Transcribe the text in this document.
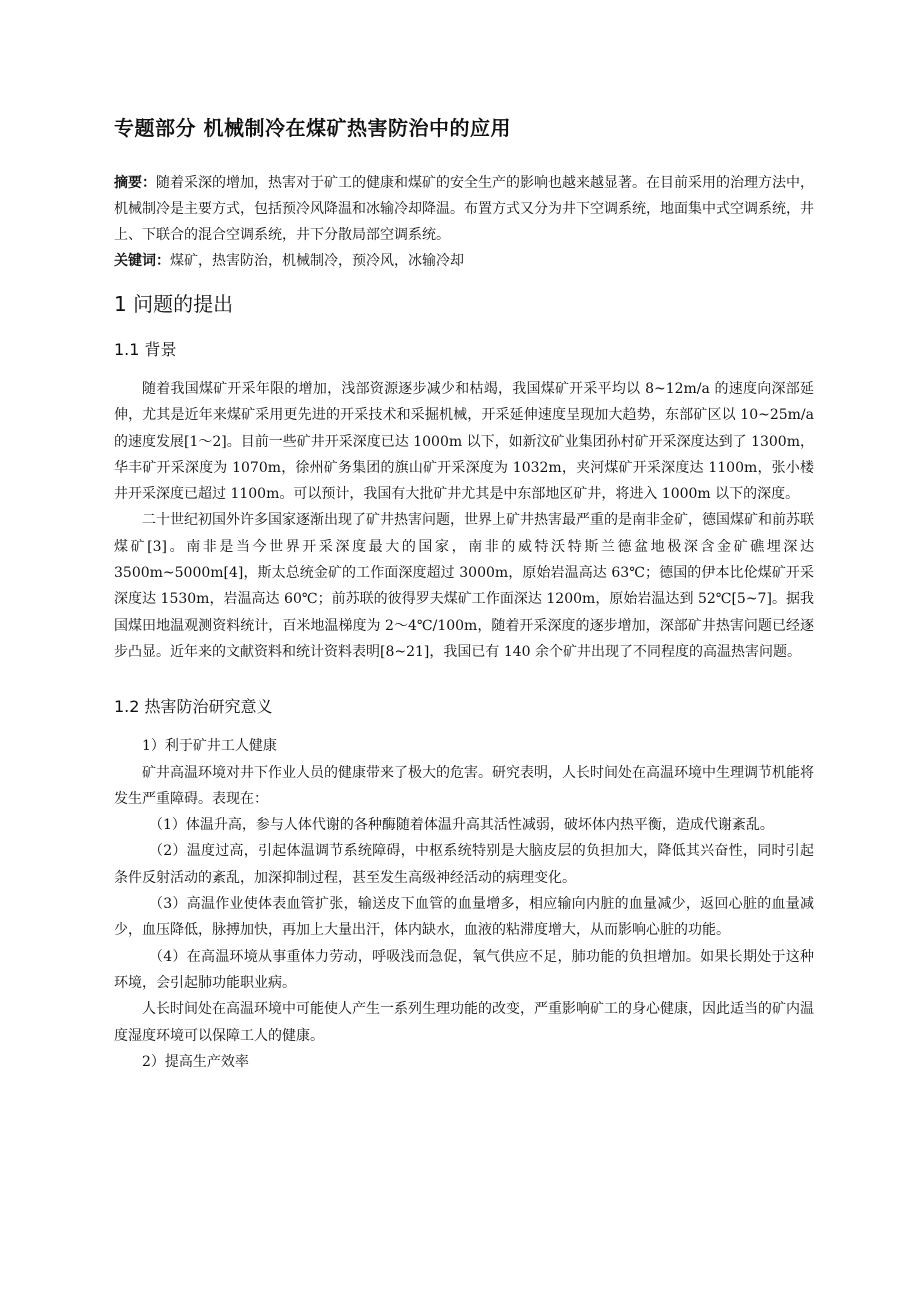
专题部分 机械制冷在煤矿热害防治中的应用

摘要：随着采深的增加，热害对于矿工的健康和煤矿的安全生产的影响也越来越显著。在目前采用的治理方法中，机械制冷是主要方式，包括预冷风降温和冰输冷却降温。布置方式又分为井下空调系统，地面集中式空调系统，井上、下联合的混合空调系统，井下分散局部空调系统。

关键词：煤矿，热害防治，机械制冷，预冷风，冰输冷却
1 问题的提出
1.1 背景

随着我国煤矿开采年限的增加，浅部资源逐步减少和枯竭，我国煤矿开采平均以 8~12m/a 的速度向深部延伸，尤其是近年来煤矿采用更先进的开采技术和采掘机械，开采延伸速度呈现加大趋势，东部矿区以 10~25m/a 的速度发展[1～2]。目前一些矿井开采深度已达 1000m 以下，如新汶矿业集团孙村矿开采深度达到了 1300m，华丰矿开采深度为 1070m，徐州矿务集团的旗山矿开采深度为 1032m，夹河煤矿开采深度达 1100m，张小楼井开采深度已超过 1100m。可以预计，我国有大批矿井尤其是中东部地区矿井，将进入 1000m 以下的深度。

二十世纪初国外许多国家逐渐出现了矿井热害问题，世界上矿井热害最严重的是南非金矿，德国煤矿和前苏联煤矿[3]。南非是当今世界开采深度最大的国家，南非的威特沃特斯兰德盆地极深含金矿礁埋深达 3500m~5000m[4]，斯太总统金矿的工作面深度超过 3000m，原始岩温高达 63℃；德国的伊本比伦煤矿开采深度达 1530m，岩温高达 60℃；前苏联的彼得罗夫煤矿工作面深达 1200m，原始岩温达到 52℃[5~7]。据我国煤田地温观测资料统计，百米地温梯度为 2～4℃/100m，随着开采深度的逐步增加，深部矿井热害问题已经逐步凸显。近年来的文献资料和统计资料表明[8~21]，我国已有 140 余个矿井出现了不同程度的高温热害问题。

1.2 热害防治研究意义

1）利于矿井工人健康

矿井高温环境对井下作业人员的健康带来了极大的危害。研究表明，人长时间处在高温环境中生理调节机能将发生严重障碍。表现在：

（1）体温升高，参与人体代谢的各种酶随着体温升高其活性减弱，破坏体内热平衡，造成代谢紊乱。

（2）温度过高，引起体温调节系统障碍，中枢系统特别是大脑皮层的负担加大，降低其兴奋性，同时引起条件反射活动的紊乱，加深抑制过程，甚至发生高级神经活动的病理变化。

（3）高温作业使体表血管扩张，输送皮下血管的血量增多，相应输向内脏的血量减少，返回心脏的血量减少，血压降低，脉搏加快，再加上大量出汗，体内缺水，血液的粘滞度增大，从而影响心脏的功能。

（4）在高温环境从事重体力劳动，呼吸浅而急促，氧气供应不足，肺功能的负担增加。如果长期处于这种环境，会引起肺功能职业病。

人长时间处在高温环境中可能使人产生一系列生理功能的改变，严重影响矿工的身心健康，因此适当的矿内温度湿度环境可以保障工人的健康。

2）提高生产效率
